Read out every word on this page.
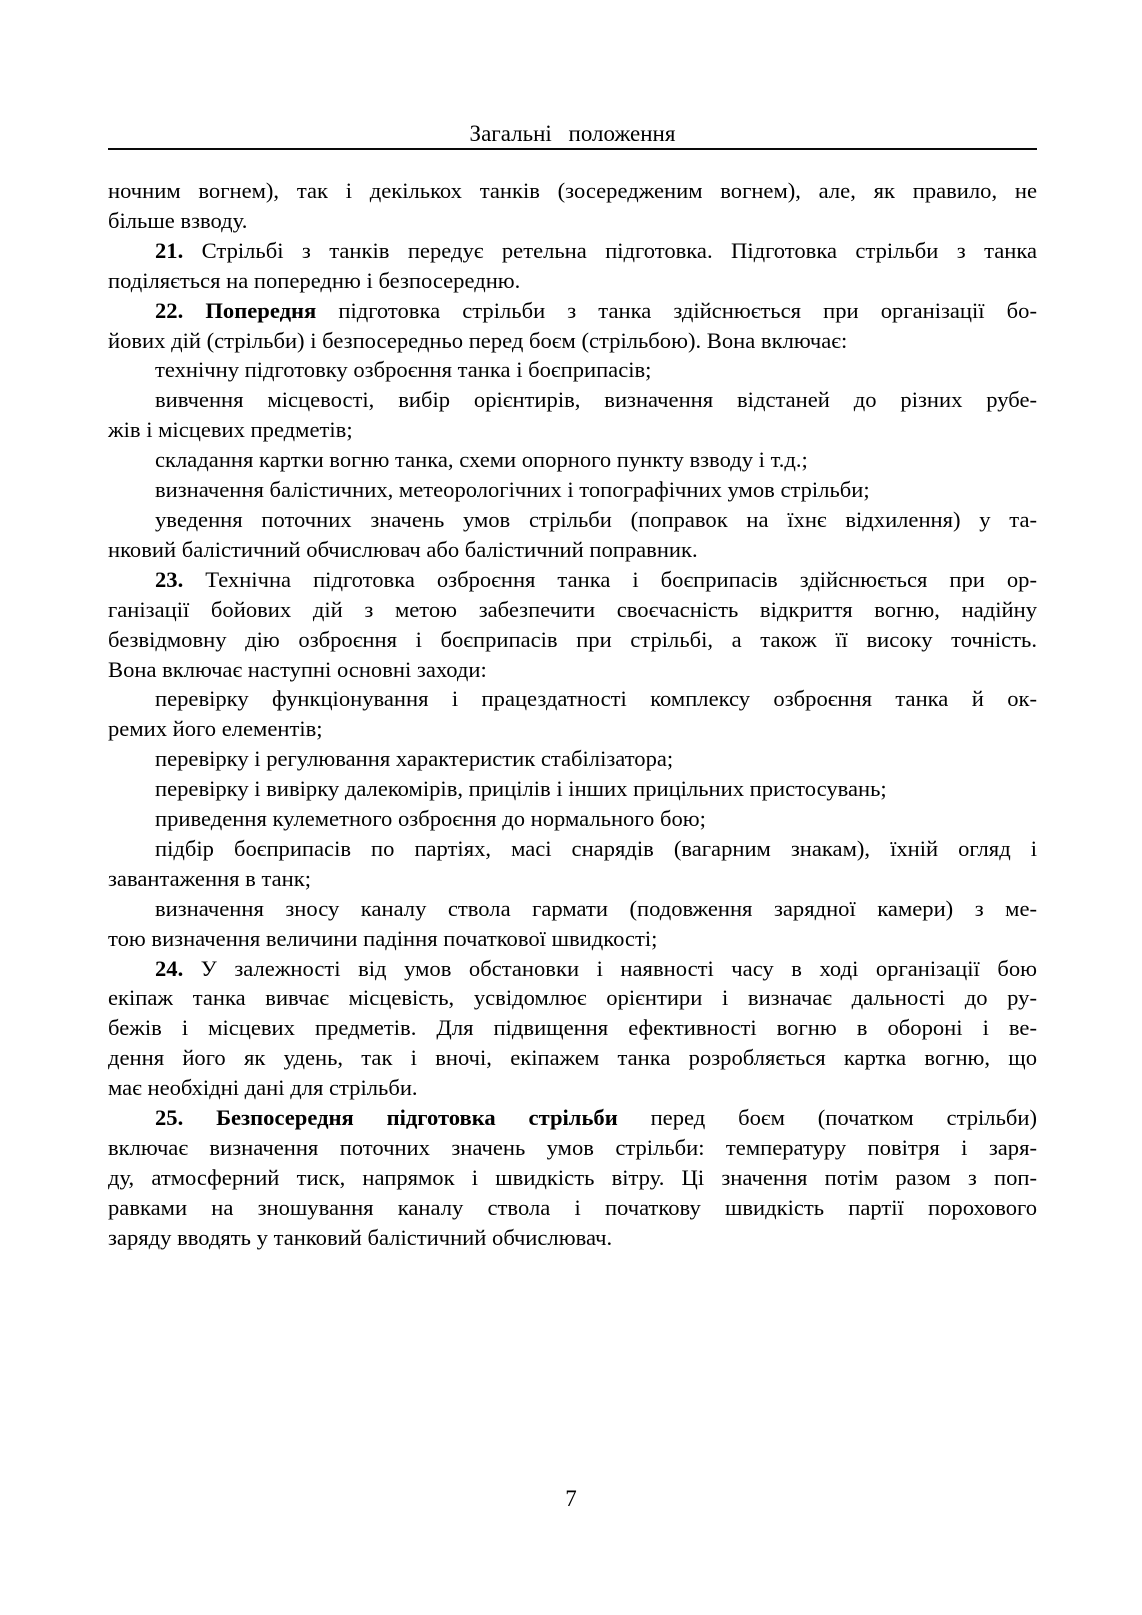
Загальні положення
ночним вогнем), так і декількох танків (зосередженим вогнем), але, як правило, не
більше взводу.
21. Стрільбі з танків передує ретельна підготовка. Підготовка стрільби з танка
поділяється на попередню і безпосередню.
22. Попередня підготовка стрільби з танка здійснюється при організації бо-
йових дій (стрільби) і безпосередньо перед боєм (стрільбою). Вона включає:
технічну підготовку озброєння танка і боєприпасів;
вивчення місцевості, вибір орієнтирів, визначення відстаней до різних рубе-
жів і місцевих предметів;
складання картки вогню танка, схеми опорного пункту взводу і т.д.;
визначення балістичних, метеорологічних і топографічних умов стрільби;
уведення поточних значень умов стрільби (поправок на їхнє відхилення) у та-
нковий балістичний обчислювач або балістичний поправник.
23. Технічна підготовка озброєння танка і боєприпасів здійснюється при ор-
ганізації бойових дій з метою забезпечити своєчасність відкриття вогню, надійну
безвідмовну дію озброєння і боєприпасів при стрільбі, а також її високу точність.
Вона включає наступні основні заходи:
перевірку функціонування і працездатності комплексу озброєння танка й ок-
ремих його елементів;
перевірку і регулювання характеристик стабілізатора;
перевірку і вивірку далекомірів, прицілів і інших прицільних пристосувань;
приведення кулеметного озброєння до нормального бою;
підбір боєприпасів по партіях, масі снарядів (вагарним знакам), їхній огляд і
завантаження в танк;
визначення зносу каналу ствола гармати (подовження зарядної камери) з ме-
тою визначення величини падіння початкової швидкості;
24. У залежності від умов обстановки і наявності часу в ході організації бою
екіпаж танка вивчає місцевість, усвідомлює орієнтири і визначає дальності до ру-
бежів і місцевих предметів. Для підвищення ефективності вогню в обороні і ве-
дення його як удень, так і вночі, екіпажем танка розробляється картка вогню, що
має необхідні дані для стрільби.
25. Безпосередня підготовка стрільби перед боєм (початком стрільби)
включає визначення поточних значень умов стрільби: температуру повітря і заря-
ду, атмосферний тиск, напрямок і швидкість вітру. Ці значення потім разом з поп-
равками на зношування каналу ствола і початкову швидкість партії порохового
заряду вводять у танковий балістичний обчислювач.
7
